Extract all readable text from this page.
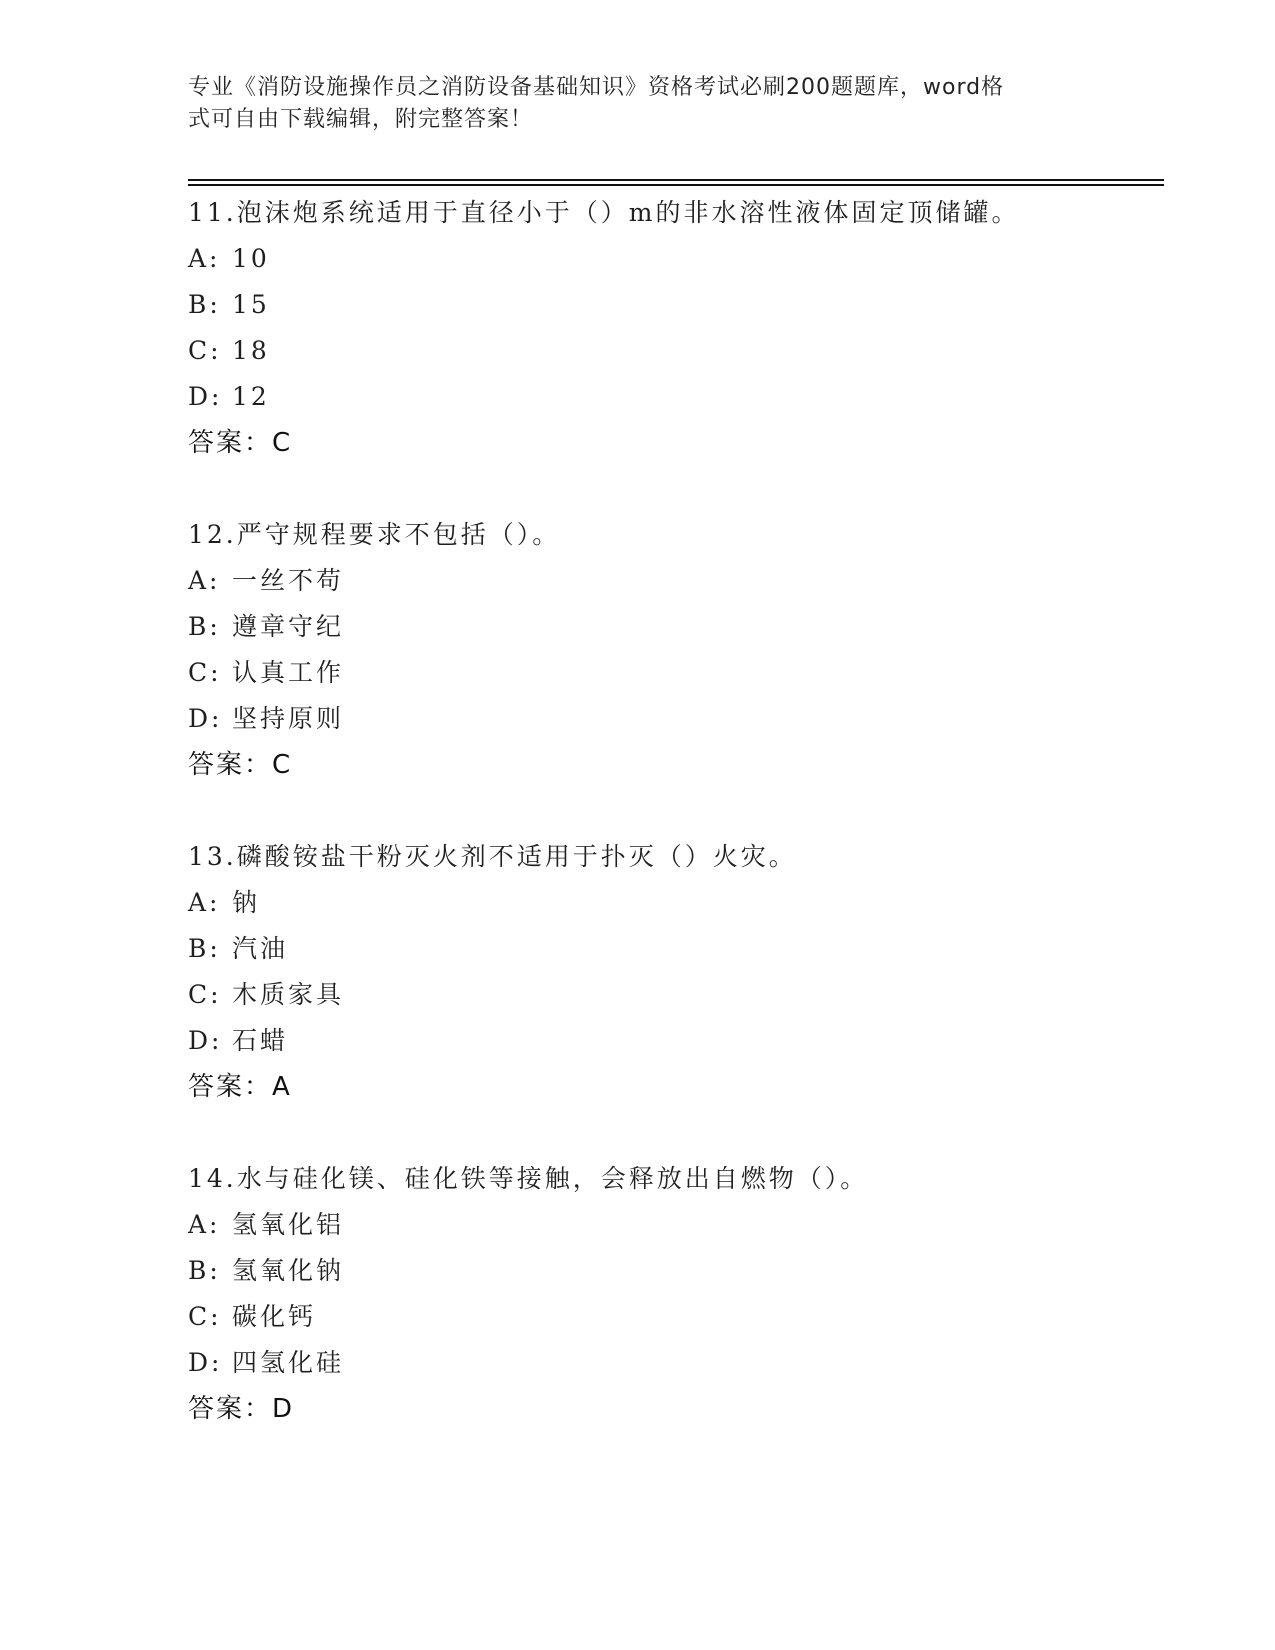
专业《消防设施操作员之消防设备基础知识》资格考试必刷200题题库，word格
式可自由下载编辑，附完整答案！
11.泡沫炮系统适用于直径小于（）m的非水溶性液体固定顶储罐。
A: 10
B: 15
C: 18
D: 12
答案：C
12.严守规程要求不包括（）。
A: 一丝不苟
B: 遵章守纪
C: 认真工作
D: 坚持原则
答案：C
13.磷酸铵盐干粉灭火剂不适用于扑灭（）火灾。
A: 钠
B: 汽油
C: 木质家具
D: 石蜡
答案：A
14.水与硅化镁、硅化铁等接触，会释放出自燃物（）。
A: 氢氧化铝
B: 氢氧化钠
C: 碳化钙
D: 四氢化硅
答案：D
